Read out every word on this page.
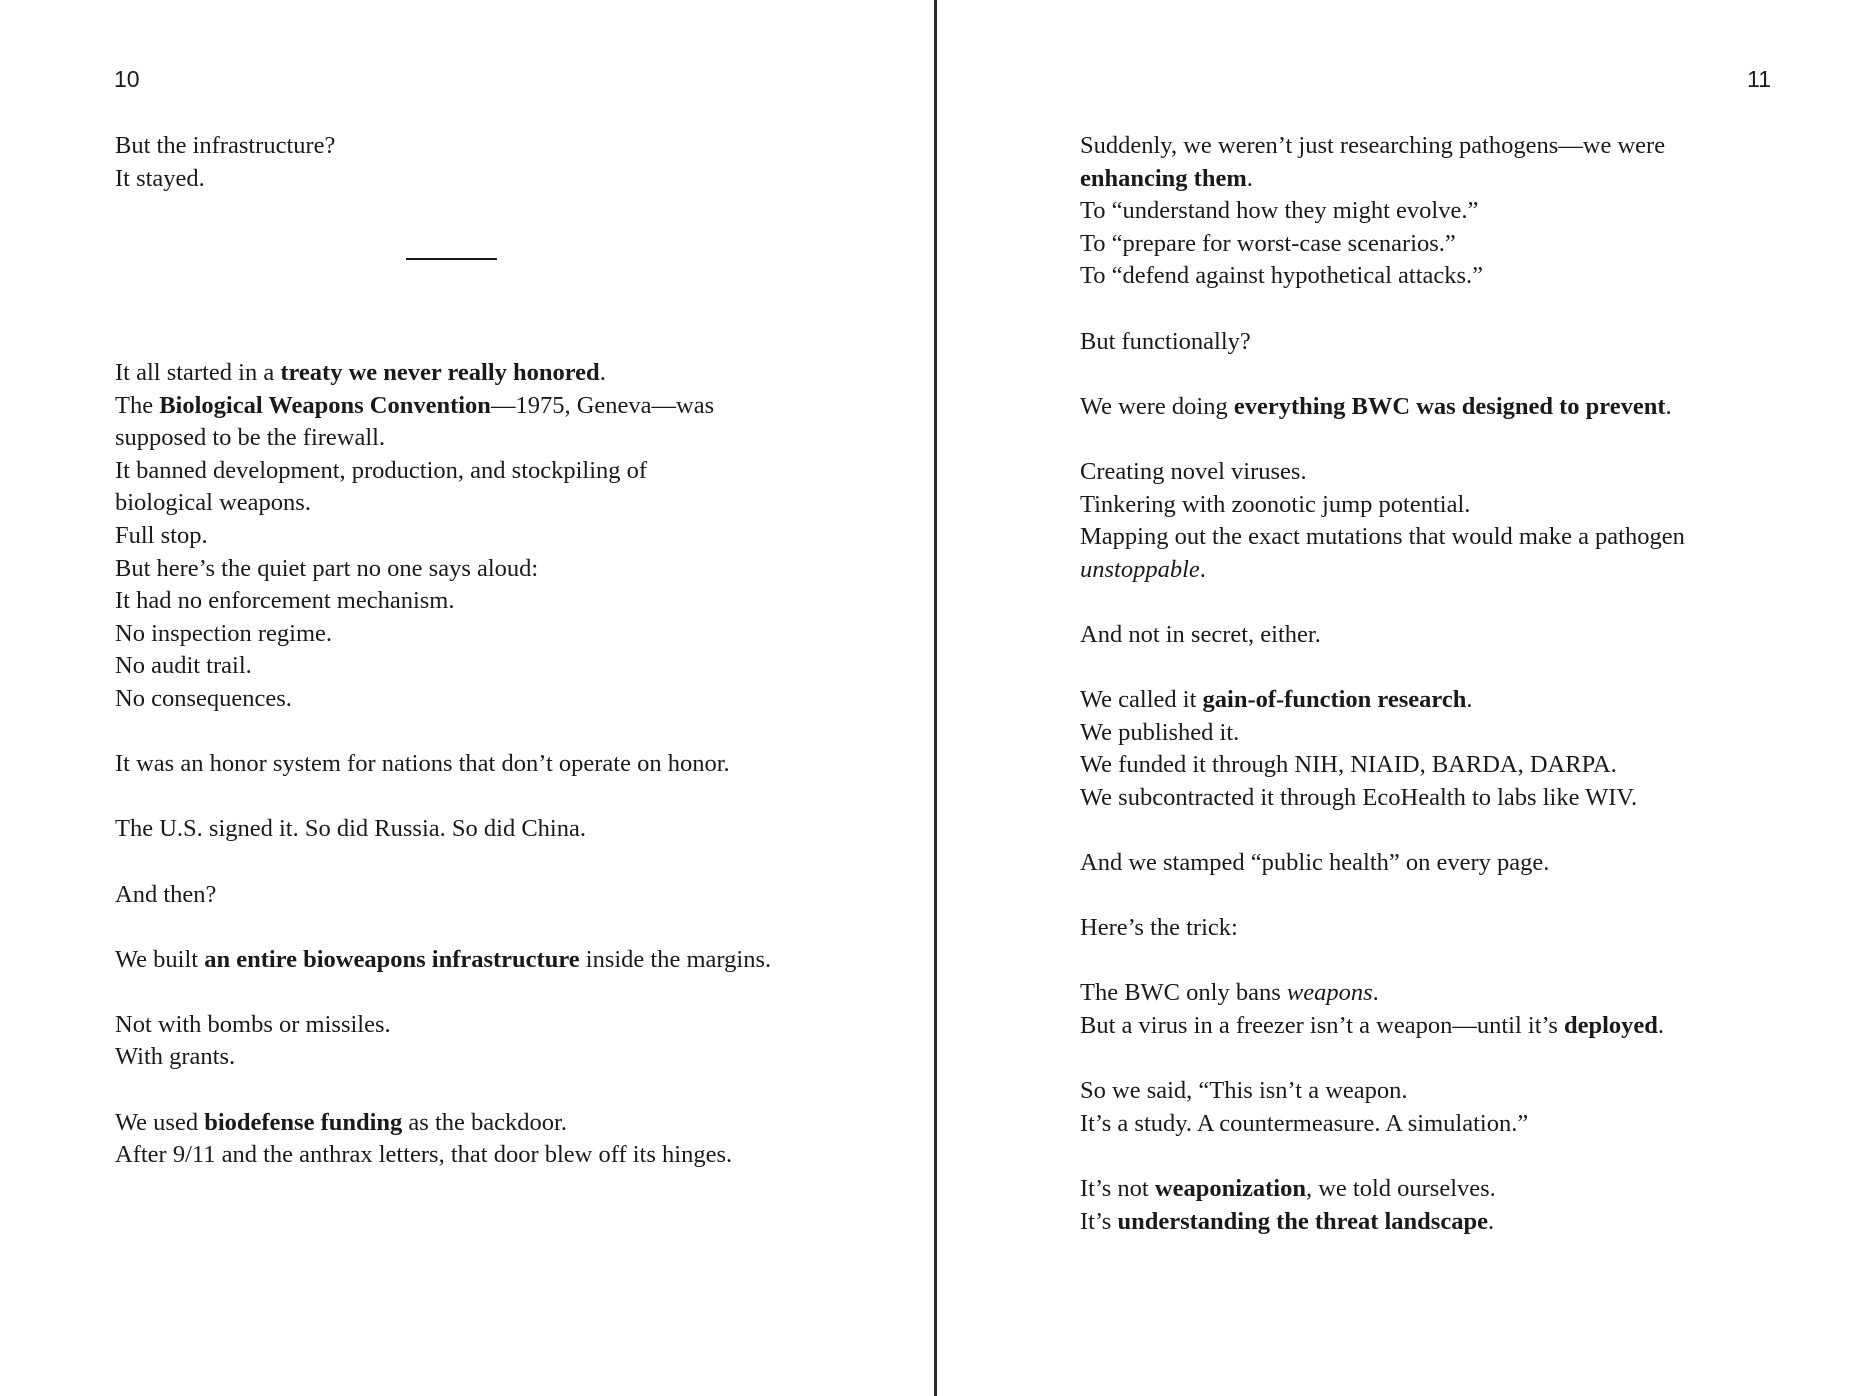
10
But the infrastructure?
It stayed.
It all started in a treaty we never really honored.
The Biological Weapons Convention—1975, Geneva—was
supposed to be the firewall.
It banned development, production, and stockpiling of
biological weapons.
Full stop.
But here’s the quiet part no one says aloud:
It had no enforcement mechanism.
No inspection regime.
No audit trail.
No consequences.
It was an honor system for nations that don’t operate on honor.
The U.S. signed it. So did Russia. So did China.
And then?
We built an entire bioweapons infrastructure inside the margins.
Not with bombs or missiles.
With grants.
We used biodefense funding as the backdoor.
After 9/11 and the anthrax letters, that door blew off its hinges.
11
Suddenly, we weren’t just researching pathogens—we were
enhancing them.
To “understand how they might evolve.”
To “prepare for worst-case scenarios.”
To “defend against hypothetical attacks.”
But functionally?
We were doing everything BWC was designed to prevent.
Creating novel viruses.
Tinkering with zoonotic jump potential.
Mapping out the exact mutations that would make a pathogen
unstoppable.
And not in secret, either.
We called it gain-of-function research.
We published it.
We funded it through NIH, NIAID, BARDA, DARPA.
We subcontracted it through EcoHealth to labs like WIV.
And we stamped “public health” on every page.
Here’s the trick:
The BWC only bans weapons.
But a virus in a freezer isn’t a weapon—until it’s deployed.
So we said, “This isn’t a weapon.
It’s a study. A countermeasure. A simulation.”
It’s not weaponization, we told ourselves.
It’s understanding the threat landscape.
